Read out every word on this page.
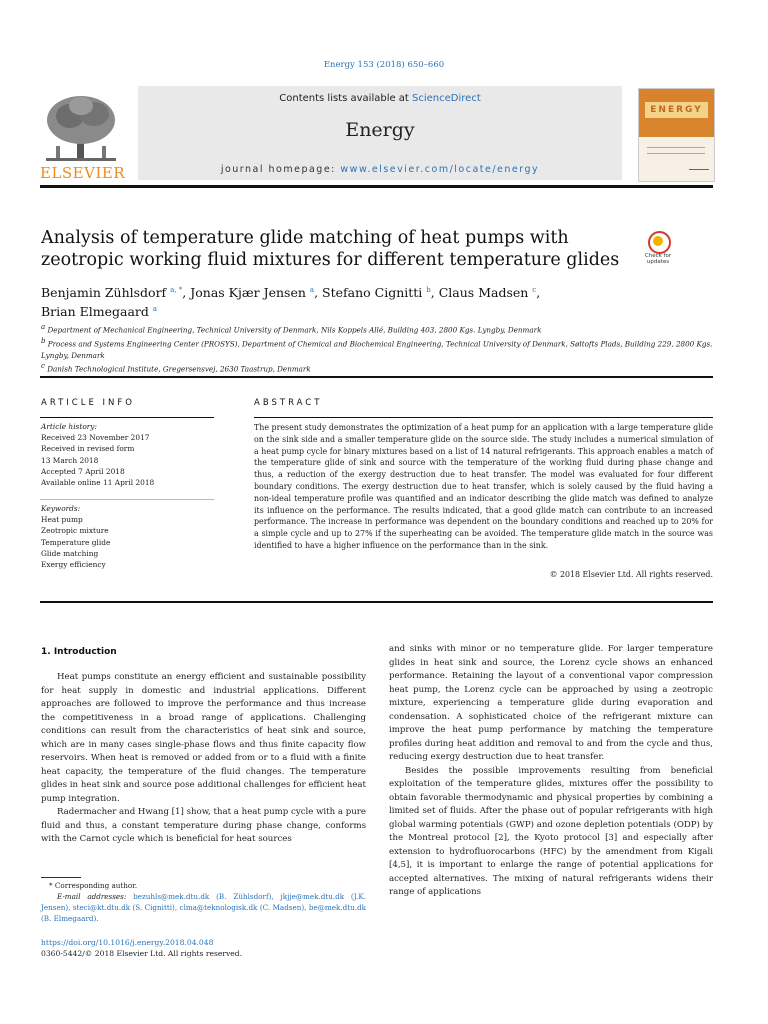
Energy 153 (2018) 650–660
Contents lists available at ScienceDirect
Energy
journal homepage: www.elsevier.com/locate/energy
ELSEVIER
ENERGY
Analysis of temperature glide matching of heat pumps with zeotropic working fluid mixtures for different temperature glides	Check for updates
Benjamin Zühlsdorf $^{a, *}$, Jonas Kjær Jensen $^a$, Stefano Cignitti $^b$, Claus Madsen $^c$,
Brian Elmegaard $^a$
$^a$ Department of Mechanical Engineering, Technical University of Denmark, Nils Koppels Allé, Building 403, 2800 Kgs. Lyngby, Denmark
$^b$ Process and Systems Engineering Center (PROSYS), Department of Chemical and Biochemical Engineering, Technical University of Denmark, Søltofts Plads, Building 229, 2800 Kgs. Lyngby, Denmark
$^c$ Danish Technological Institute, Gregersensvej, 2630 Taastrup, Denmark
ARTICLE INFO	ABSTRACT
Article history:
Received 23 November 2017
Received in revised form
13 March 2018
Accepted 7 April 2018
Available online 11 April 2018
Keywords:
Heat pump
Zeotropic mixture
Temperature glide
Glide matching
Exergy efficiency
The present study demonstrates the optimization of a heat pump for an application with a large temperature glide on the sink side and a smaller temperature glide on the source side. The study includes a numerical simulation of a heat pump cycle for binary mixtures based on a list of 14 natural refrigerants. This approach enables a match of the temperature glide of sink and source with the temperature of the working fluid during phase change and thus, a reduction of the exergy destruction due to heat transfer. The model was evaluated for four different boundary conditions. The exergy destruction due to heat transfer, which is solely caused by the fluid having a non-ideal temperature profile was quantified and an indicator describing the glide match was defined to analyze its influence on the performance. The results indicated, that a good glide match can contribute to an increased performance. The increase in performance was dependent on the boundary conditions and reached up to 20% for a simple cycle and up to 27% if the superheating can be avoided. The temperature glide match in the source was identified to have a higher influence on the performance than in the sink.
© 2018 Elsevier Ltd. All rights reserved.
1. Introduction

Heat pumps constitute an energy efficient and sustainable possibility for heat supply in domestic and industrial applications. Different approaches are followed to improve the performance and thus increase the competitiveness in a broad range of applications. Challenging conditions can result from the characteristics of heat sink and source, which are in many cases single-phase flows and thus finite capacity flow reservoirs. When heat is removed or added from or to a fluid with a finite heat capacity, the temperature of the fluid changes. The temperature glides in heat sink and source pose additional challenges for efficient heat pump integration.

Radermacher and Hwang [1] show, that a heat pump cycle with a pure fluid and thus, a constant temperature during phase change, conforms with the Carnot cycle which is beneficial for heat sources

and sinks with minor or no temperature glide. For larger temperature glides in heat sink and source, the Lorenz cycle shows an enhanced performance. Retaining the layout of a conventional vapor compression heat pump, the Lorenz cycle can be approached by using a zeotropic mixture, experiencing a temperature glide during evaporation and condensation. A sophisticated choice of the refrigerant mixture can improve the heat pump performance by matching the temperature profiles during heat addition and removal to and from the cycle and thus, reducing exergy destruction due to heat transfer.

Besides the possible improvements resulting from beneficial exploitation of the temperature glides, mixtures offer the possibility to obtain favorable thermodynamic and physical properties by combining a limited set of fluids. After the phase out of popular refrigerants with high global warming potentials (GWP) and ozone depletion potentials (ODP) by the Montreal protocol [2], the Kyoto protocol [3] and especially after extension to hydrofluorocarbons (HFC) by the amendment from Kigali [4,5], it is important to enlarge the range of potential applications for accepted alternatives. The mixing of natural refrigerants widens their range of applications

* Corresponding author.
E-mail addresses: bezuhls@mek.dtu.dk (B. Zühlsdorf), jkjje@mek.dtu.dk (J.K. Jensen), steci@kt.dtu.dk (S. Cignitti), clma@teknologisk.dk (C. Madsen), be@mek.dtu.dk (B. Elmegaard).
https://doi.org/10.1016/j.energy.2018.04.048
0360-5442/© 2018 Elsevier Ltd. All rights reserved.
